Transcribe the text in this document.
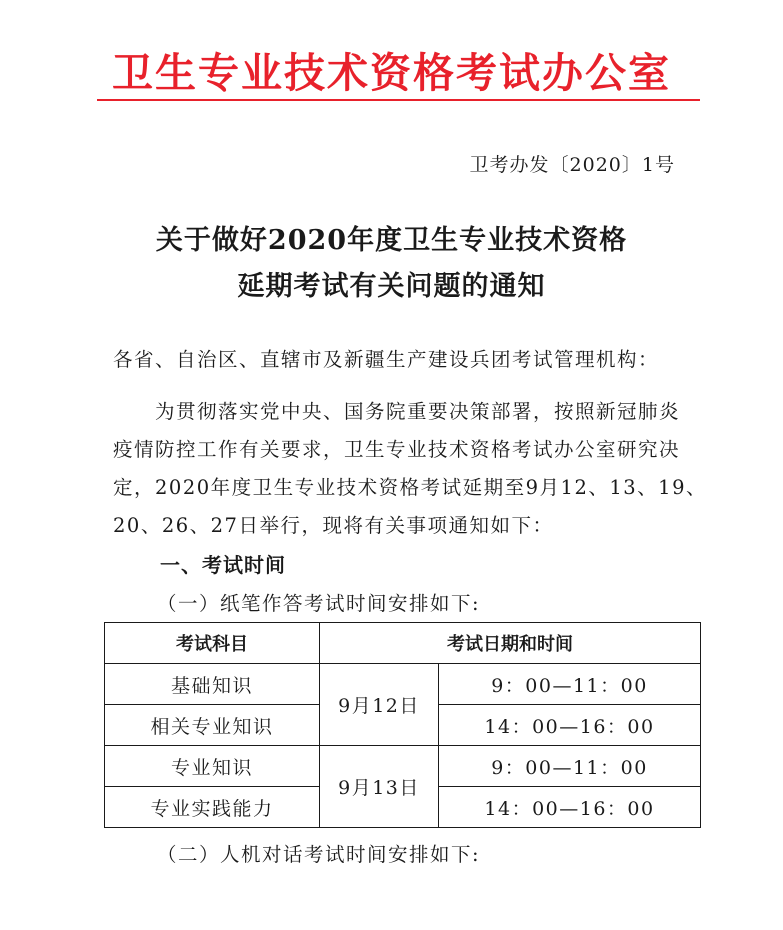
卫生专业技术资格考试办公室
卫考办发〔2020〕1号
关于做好2020年度卫生专业技术资格
延期考试有关问题的通知
各省、自治区、直辖市及新疆生产建设兵团考试管理机构：
　　为贯彻落实党中央、国务院重要决策部署，按照新冠肺炎
疫情防控工作有关要求，卫生专业技术资格考试办公室研究决
定，2020年度卫生专业技术资格考试延期至9月12、13、19、
20、26、27日举行，现将有关事项通知如下：
一、考试时间
（一）纸笔作答考试时间安排如下:
考试科目	考试日期和时间	
基础知识	9月12日	9：00—11：00
相关专业知识		14：00—16：00
专业知识	9月13日	9：00—11：00
专业实践能力		14：00—16：00
（二）人机对话考试时间安排如下:
